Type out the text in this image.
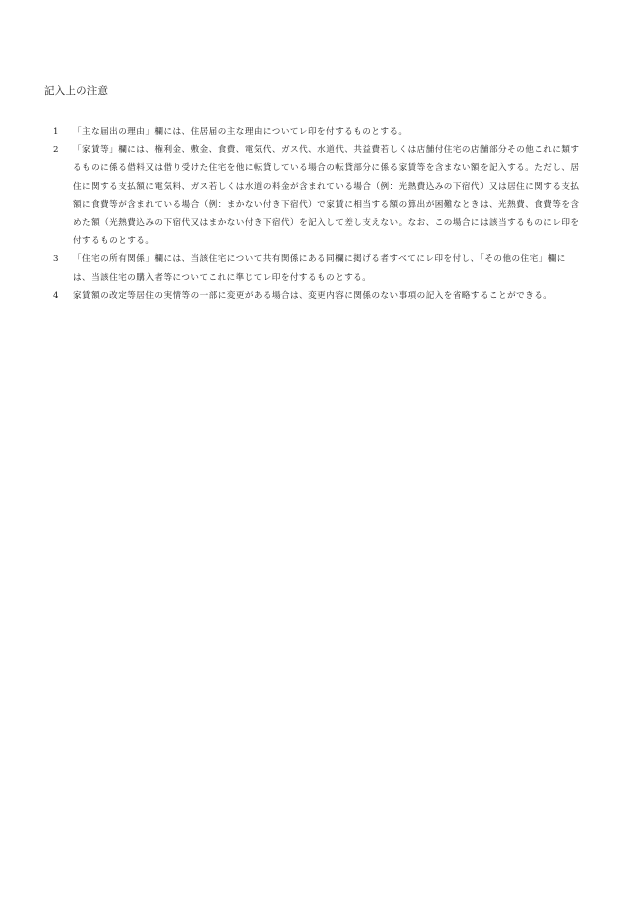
記入上の注意
1	「主な届出の理由」欄には、住居届の主な理由についてレ印を付するものとする。
2	「家賃等」欄には、権利金、敷金、食費、電気代、ガス代、水道代、共益費若しくは店舗付住宅の店舗部分その他これに類するものに係る借料又は借り受けた住宅を他に転貸している場合の転貸部分に係る家賃等を含まない額を記入する。ただし、居住に関する支払額に電気料、ガス若しくは水道の料金が含まれている場合（例：光熱費込みの下宿代）又は居住に関する支払額に食費等が含まれている場合（例：まかない付き下宿代）で家賃に相当する額の算出が困難なときは、光熱費、食費等を含めた額（光熱費込みの下宿代又はまかない付き下宿代）を記入して差し支えない。なお、この場合には該当するものにレ印を付するものとする。
3	「住宅の所有関係」欄には、当該住宅について共有関係にある同欄に掲げる者すべてにレ印を付し、「その他の住宅」欄には、当該住宅の購入者等についてこれに準じてレ印を付するものとする。
4	家賃額の改定等居住の実情等の一部に変更がある場合は、変更内容に関係のない事項の記入を省略することができる。
